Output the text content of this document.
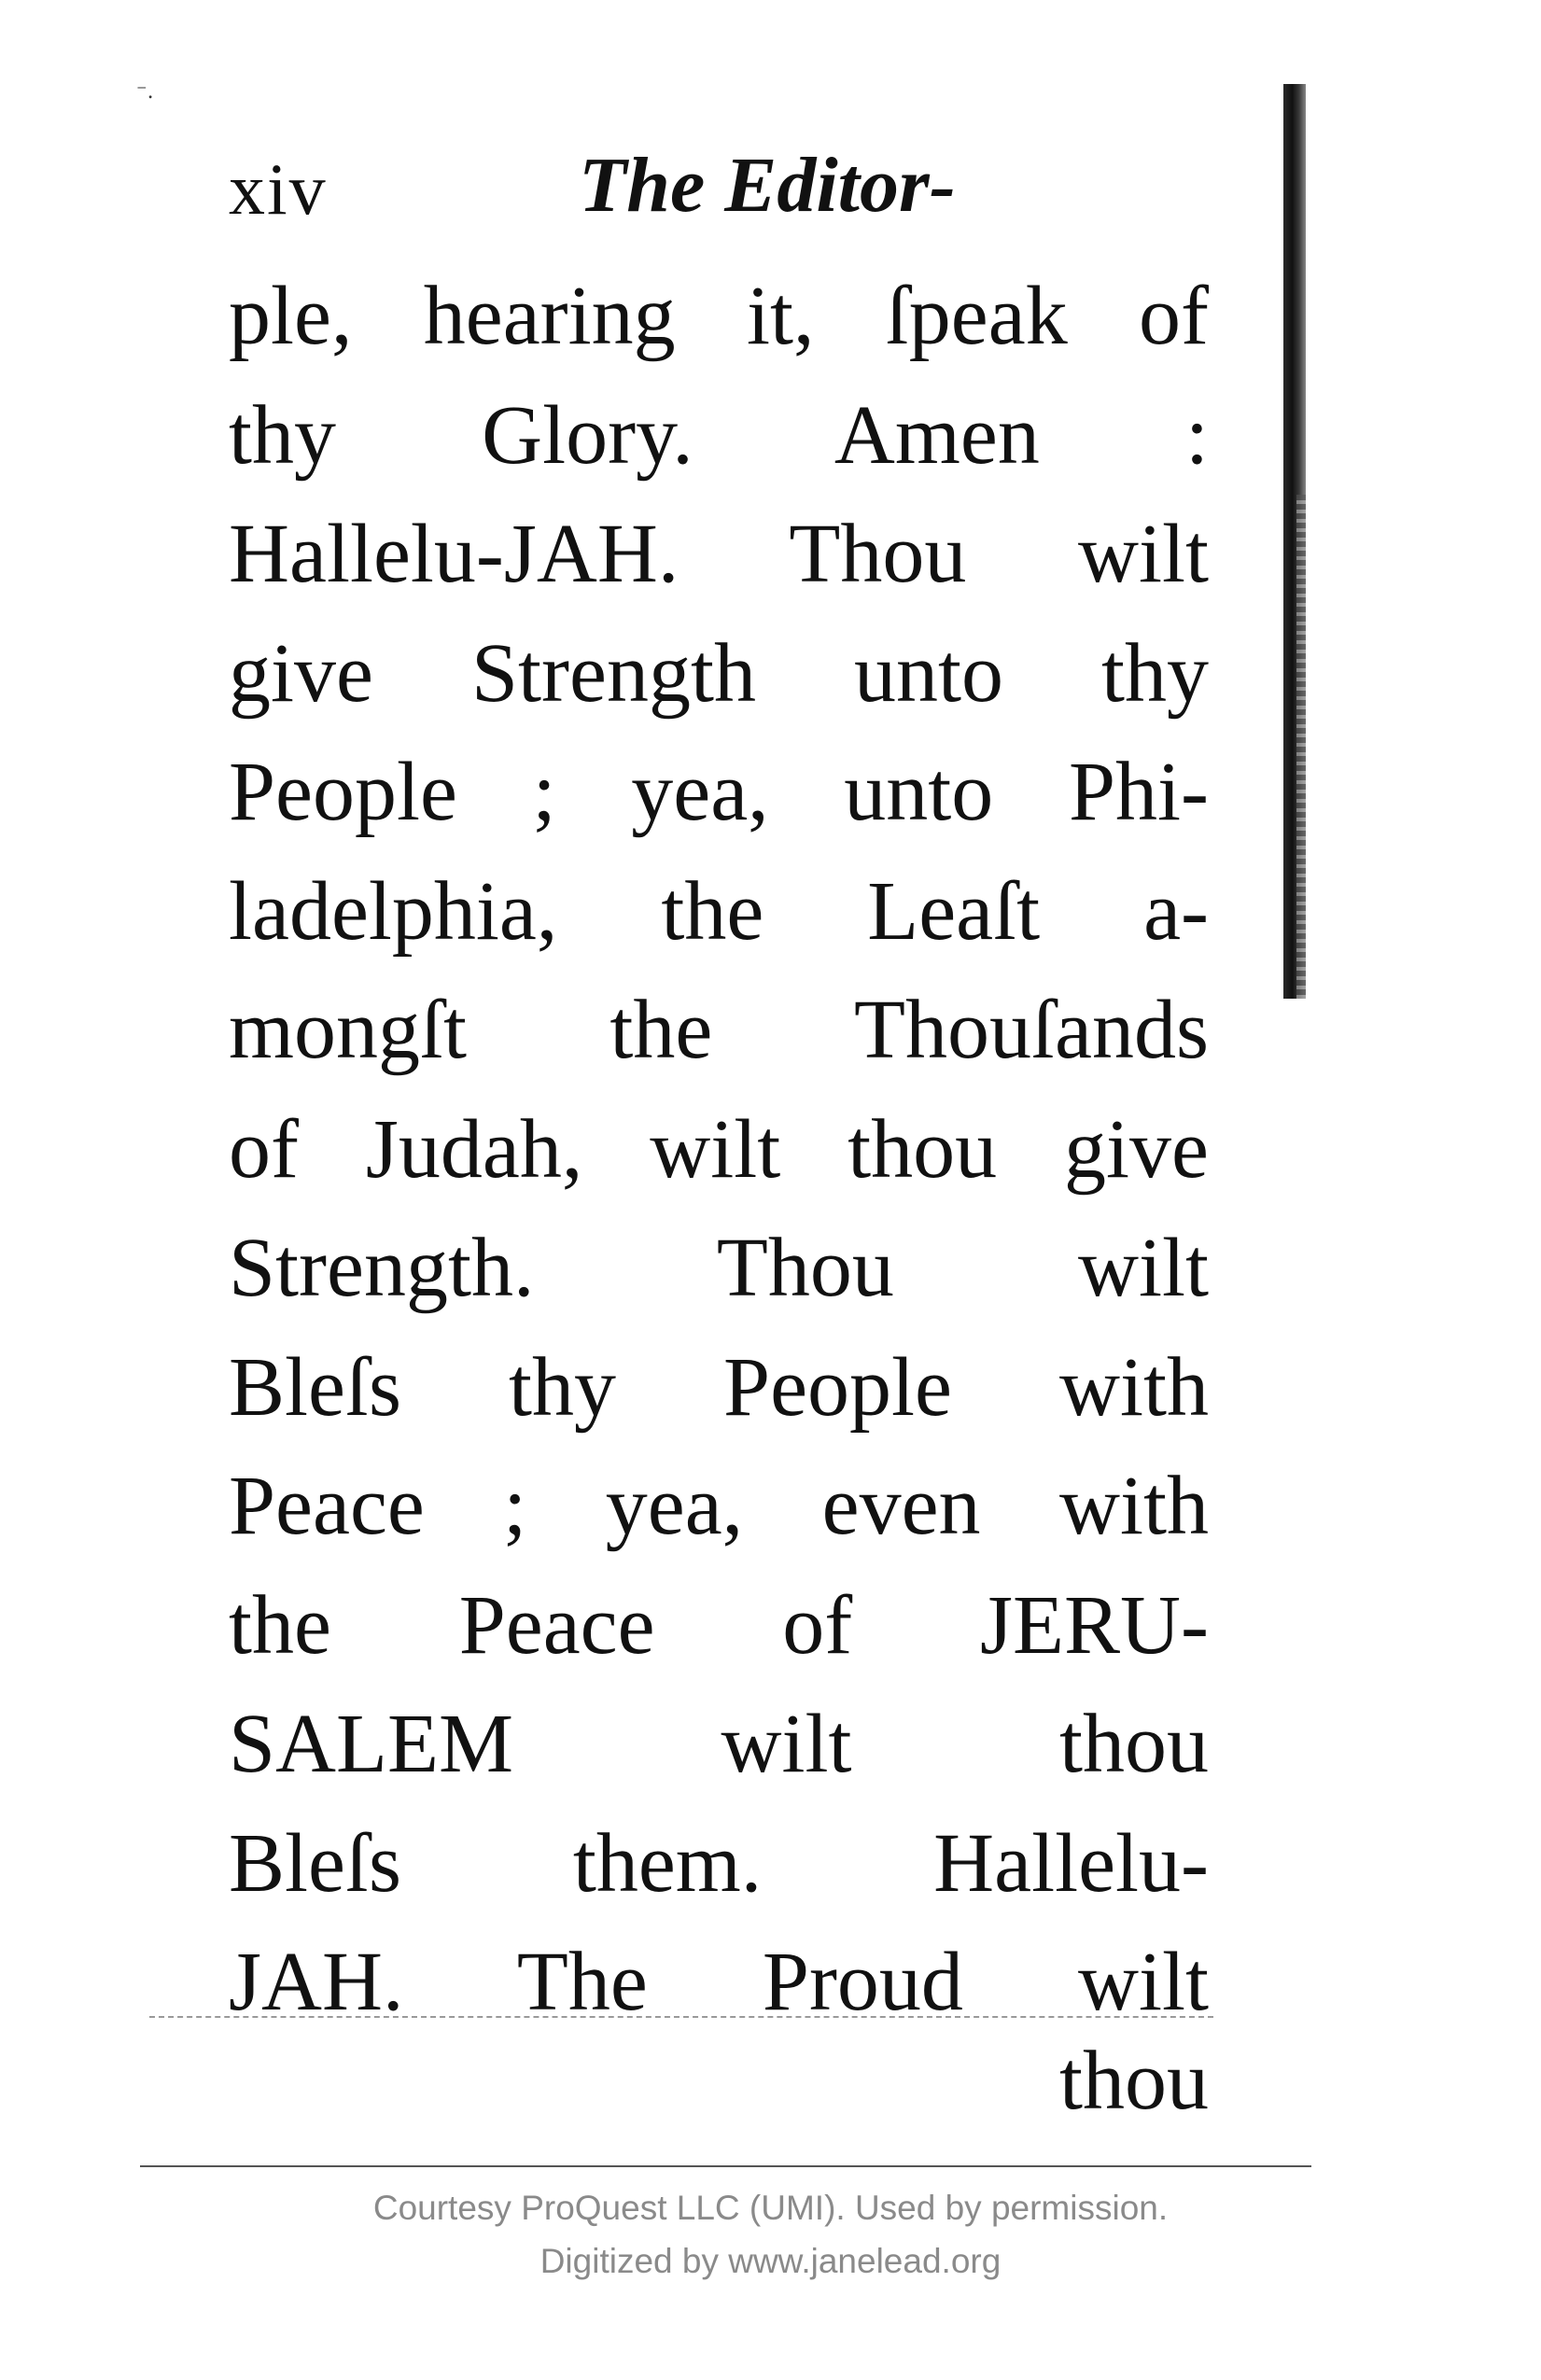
⁻.
xiv	The Editor-
ple, hearing it, ſpeak of
thy Glory. Amen :
Hallelu-JAH. Thou wilt
give Strength unto thy
People ; yea, unto Phi-
ladelphia, the Leaſt a-
mongſt the Thouſands
of Judah, wilt thou give
Strength. Thou wilt
Bleſs thy People with
Peace ; yea, even with
the Peace of JERU-
SALEM wilt thou
Bleſs them. Hallelu-
JAH. The Proud wilt
thou
Courtesy ProQuest LLC (UMI). Used by permission.
Digitized by www.janelead.org
